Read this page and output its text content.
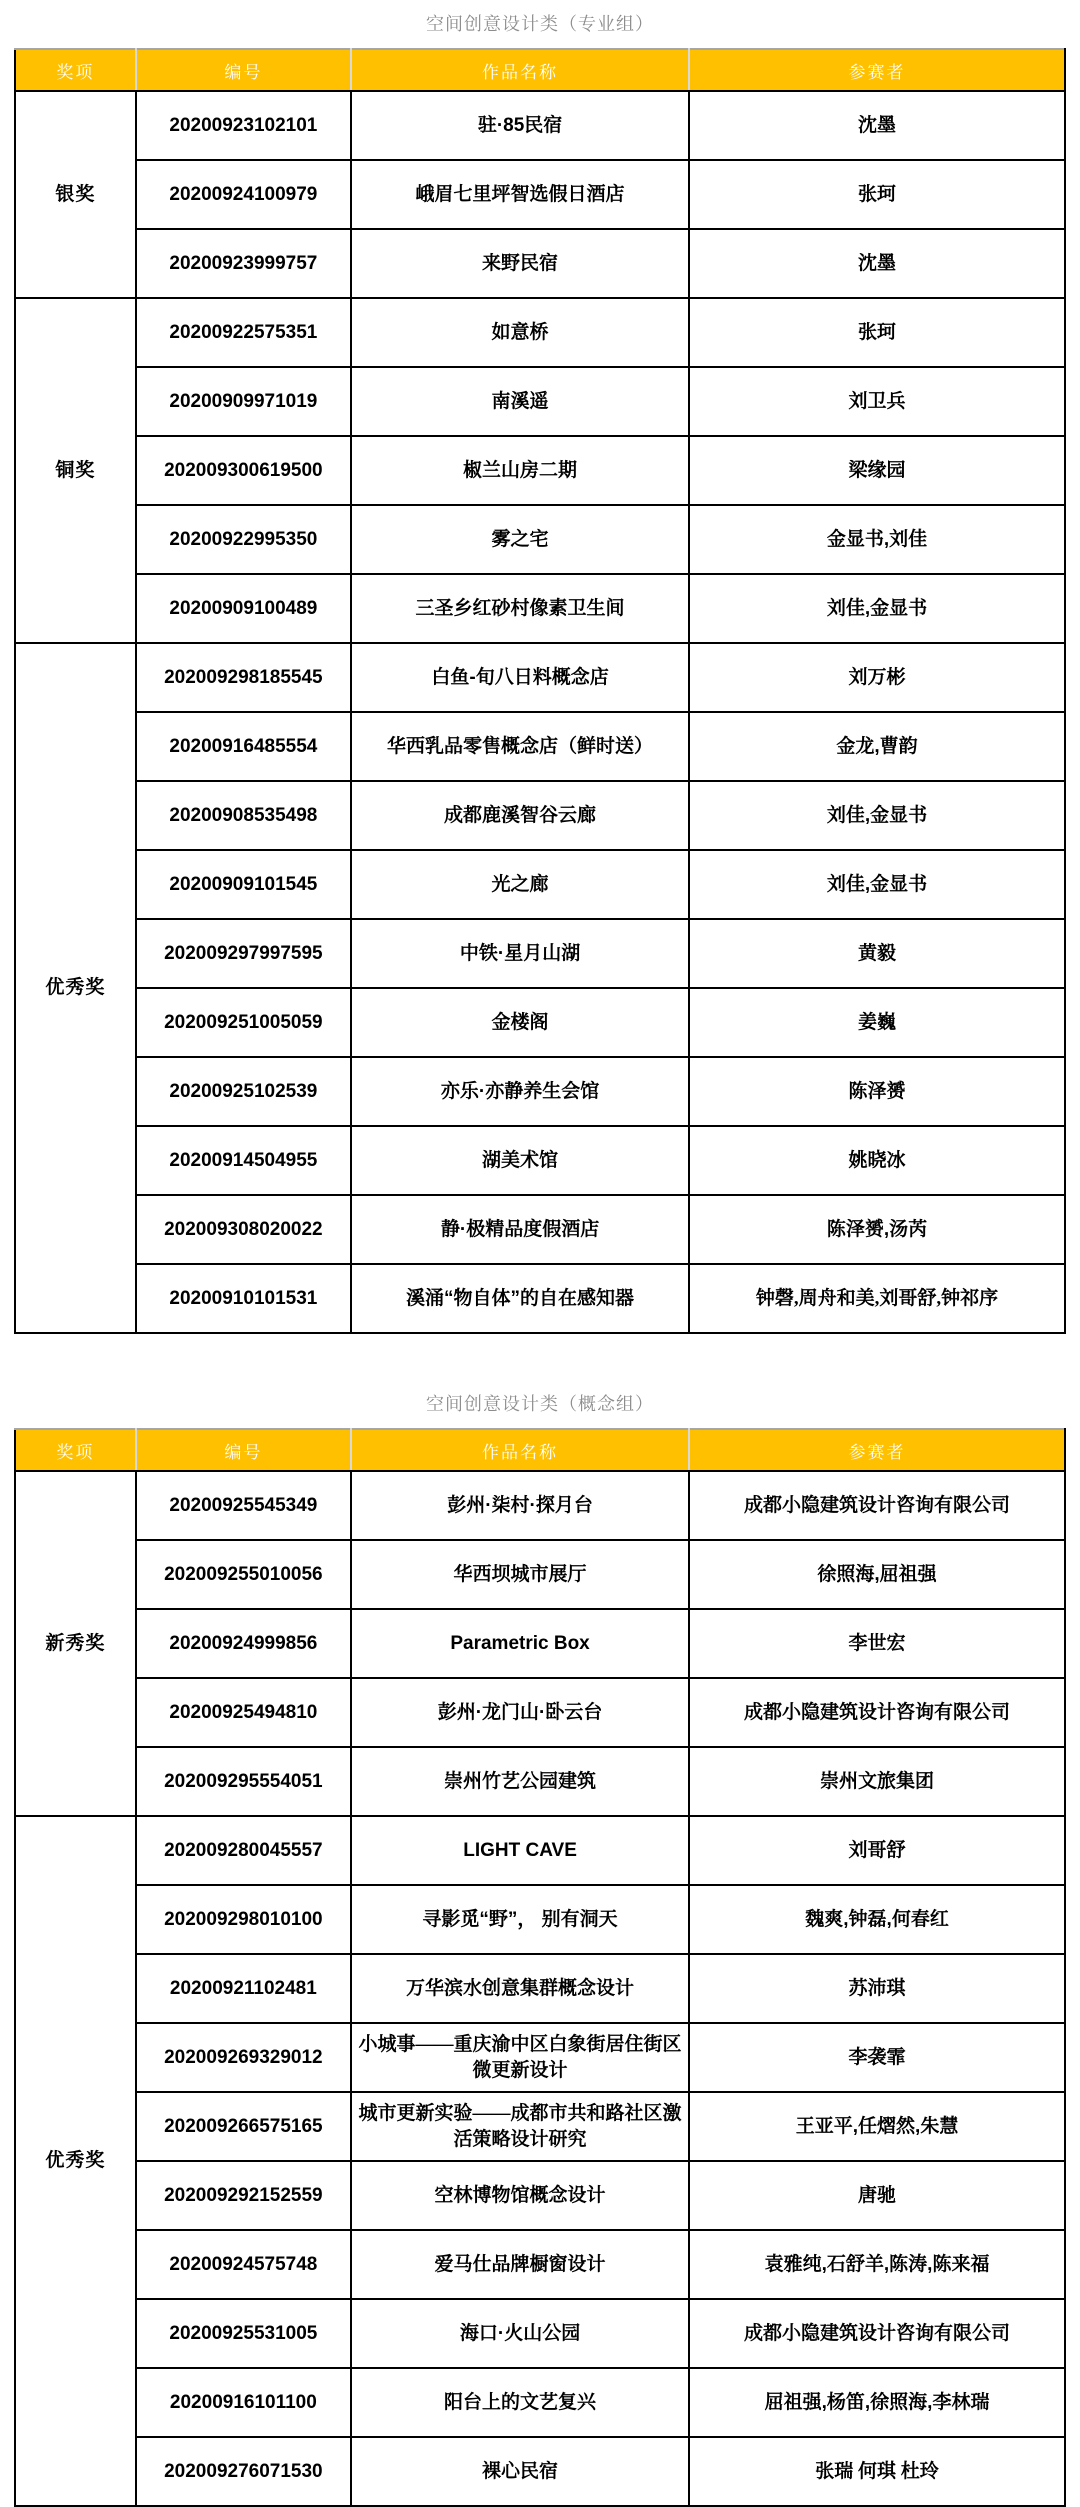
空间创意设计类（专业组）
奖项	编号	作品名称	参赛者
银奖	20200923102101	驻·85民宿	沈墨
	20200924100979	峨眉七里坪智选假日酒店	张珂
	20200923999757	来野民宿	沈墨
铜奖	20200922575351	如意桥	张珂
	20200909971019	南溪遥	刘卫兵
	202009300619500	椒兰山房二期	梁缘园
	20200922995350	雾之宅	金显书,刘佳
	20200909100489	三圣乡红砂村像素卫生间	刘佳,金显书
优秀奖	202009298185545	白鱼-旬八日料概念店	刘万彬
	20200916485554	华西乳品零售概念店（鲜时送）	金龙,曹韵
	20200908535498	成都鹿溪智谷云廊	刘佳,金显书
	20200909101545	光之廊	刘佳,金显书
	202009297997595	中铁·星月山湖	黄毅
	202009251005059	金楼阁	姜巍
	20200925102539	亦乐·亦静养生会馆	陈泽赟
	20200914504955	湖美术馆	姚晓冰
	202009308020022	静·极精品度假酒店	陈泽赟,汤芮
	20200910101531	溪涌“物自体”的自在感知器	钟磬,周舟和美,刘哥舒,钟祁序
空间创意设计类（概念组）
奖项	编号	作品名称	参赛者
新秀奖	20200925545349	彭州·柒村·探月台	成都小隐建筑设计咨询有限公司
	202009255010056	华西坝城市展厅	徐照海,屈祖强
	20200924999856	Parametric Box	李世宏
	20200925494810	彭州·龙门山·卧云台	成都小隐建筑设计咨询有限公司
	202009295554051	崇州竹艺公园建筑	崇州文旅集团
优秀奖	202009280045557	LIGHT CAVE	刘哥舒
	202009298010100	寻影觅“野”， 别有洞天	魏爽,钟磊,何春红
	20200921102481	万华滨水创意集群概念设计	苏沛琪
	202009269329012	小城事——重庆渝中区白象街居住街区微更新设计	李袭霏
	202009266575165	城市更新实验——成都市共和路社区激活策略设计研究	王亚平,任熠然,朱慧
	202009292152559	空林博物馆概念设计	唐驰
	20200924575748	爱马仕品牌橱窗设计	袁雅纯,石舒羊,陈涛,陈来福
	20200925531005	海口·火山公园	成都小隐建筑设计咨询有限公司
	20200916101100	阳台上的文艺复兴	屈祖强,杨笛,徐照海,李林瑞
	202009276071530	裸心民宿	张瑞 何琪 杜玲
